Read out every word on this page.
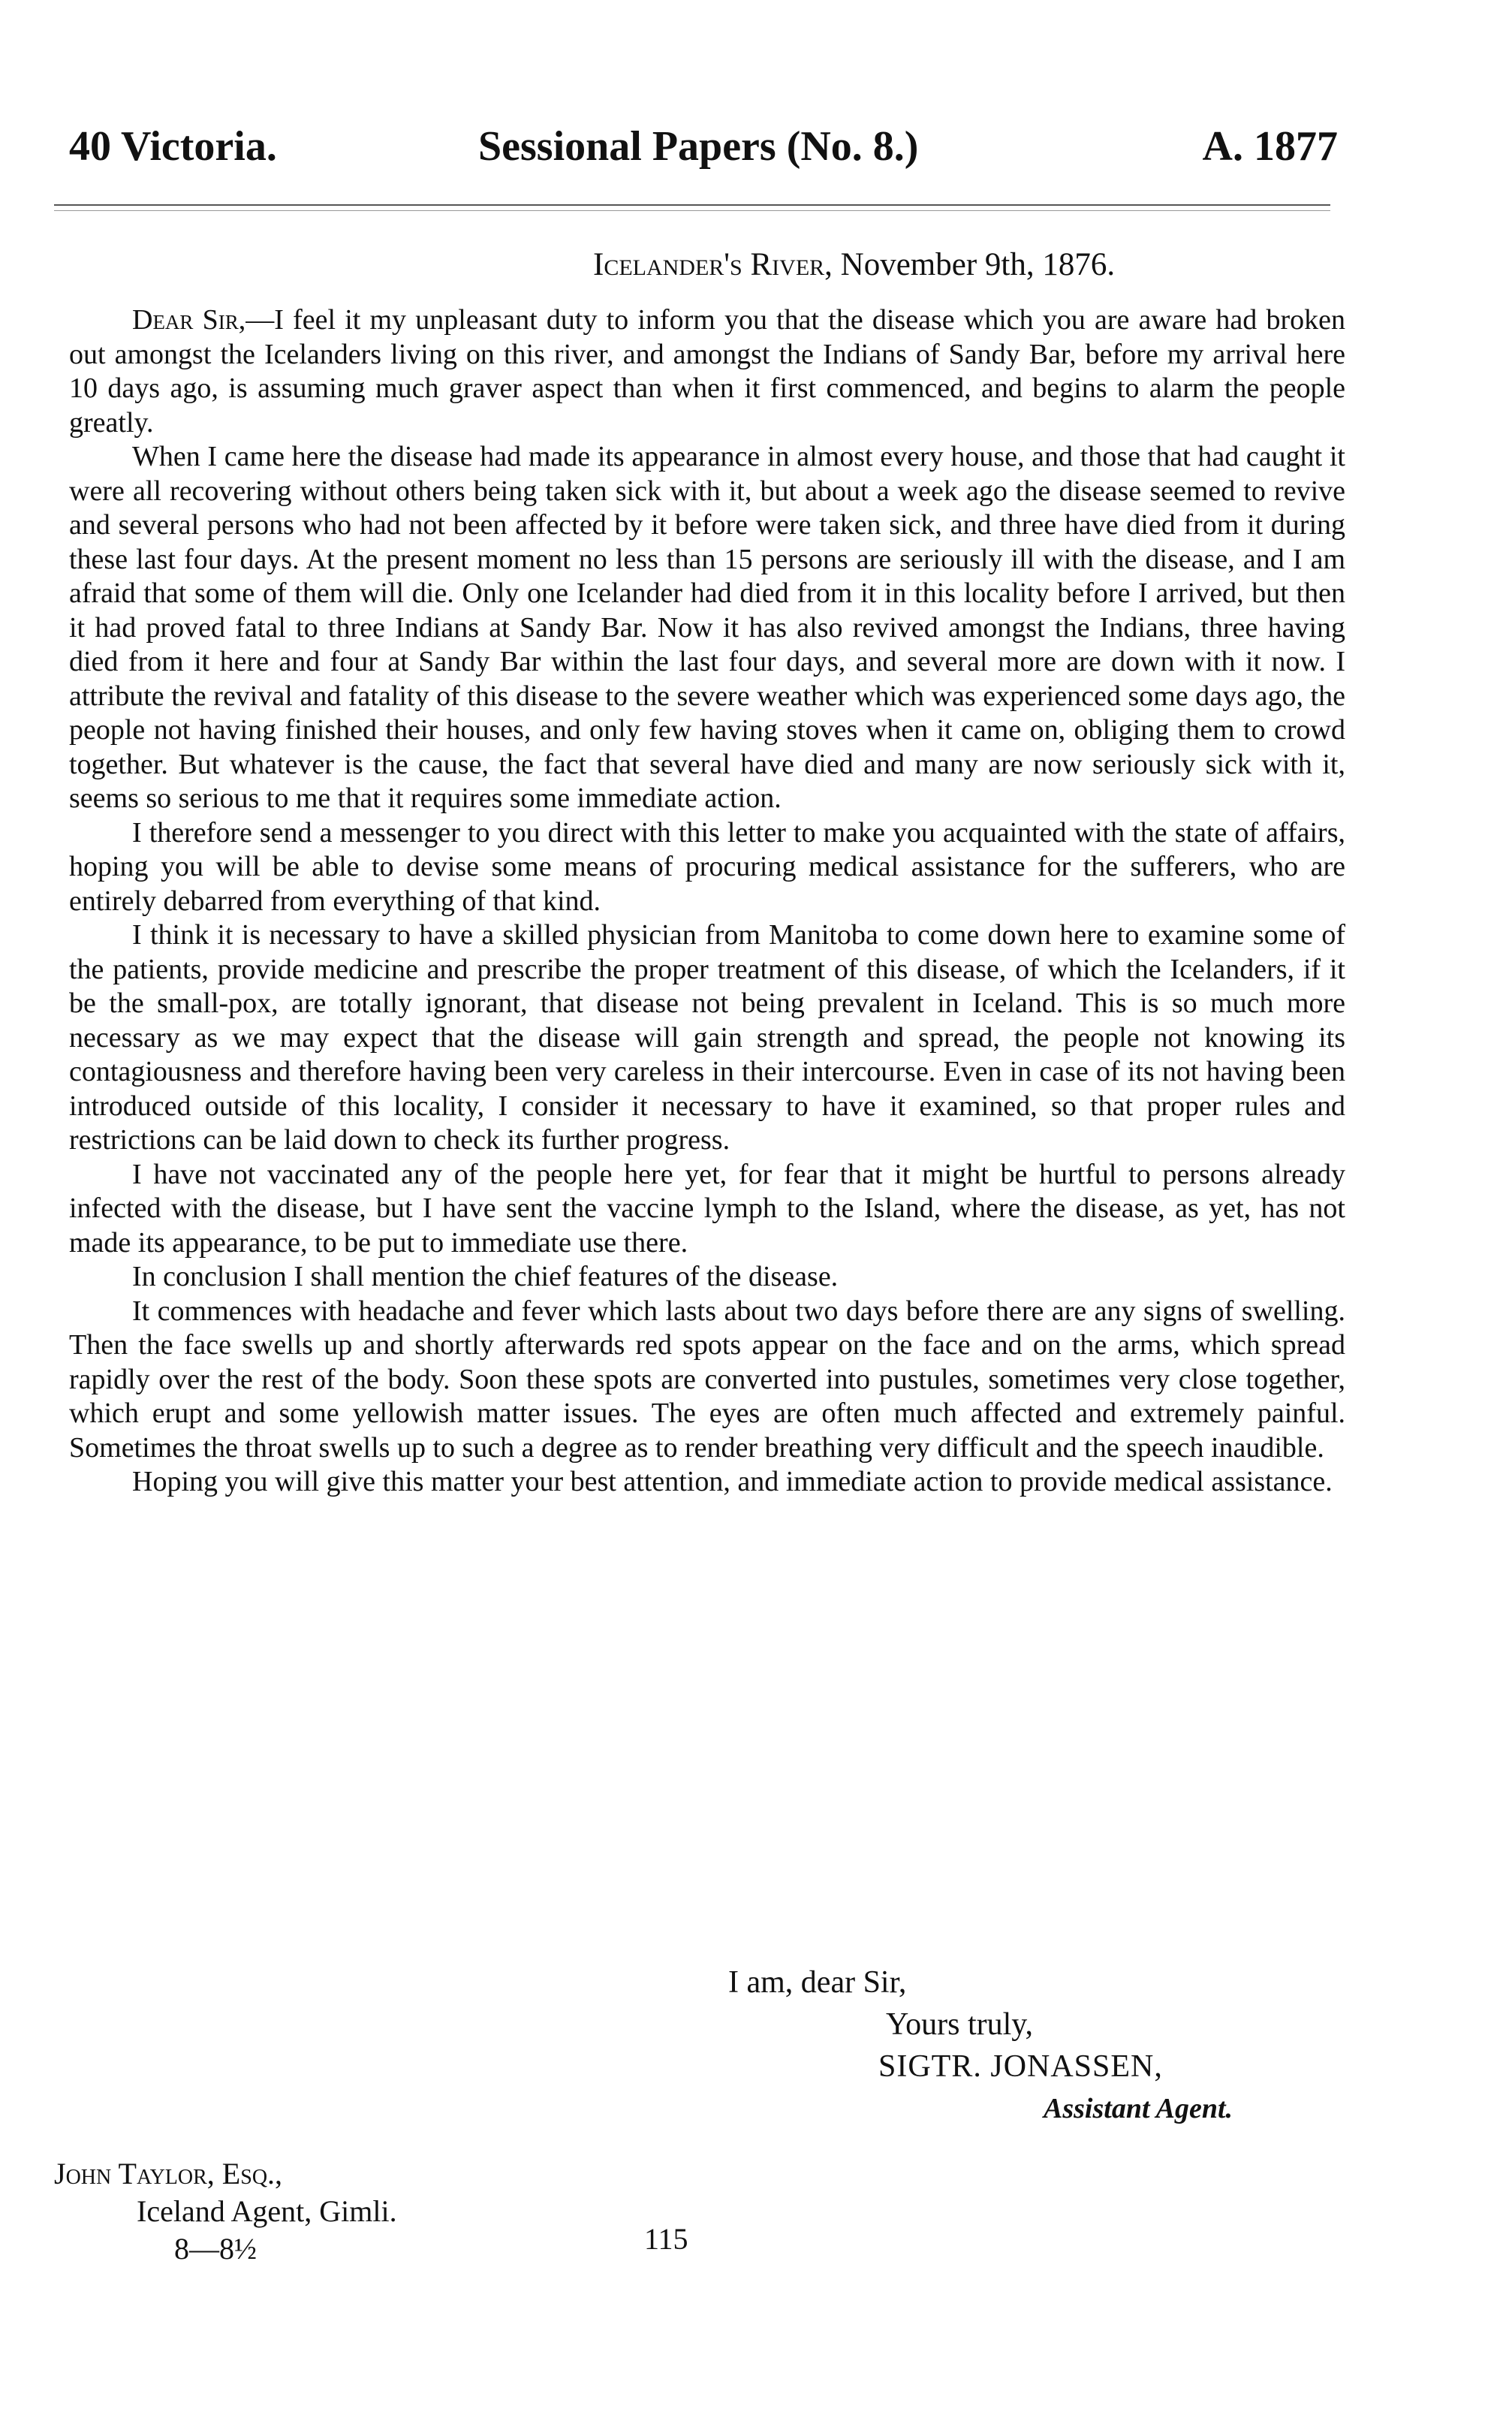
40 Victoria.	Sessional Papers (No. 8.)	A. 1877
Icelander's River, November 9th, 1876.

Dear Sir,—I feel it my unpleasant duty to inform you that the disease which you are aware had broken out amongst the Icelanders living on this river, and amongst the Indians of Sandy Bar, before my arrival here 10 days ago, is assuming much graver aspect than when it first commenced, and begins to alarm the people greatly.

When I came here the disease had made its appearance in almost every house, and those that had caught it were all recovering without others being taken sick with it, but about a week ago the disease seemed to revive and several persons who had not been affected by it before were taken sick, and three have died from it during these last four days. At the present moment no less than 15 persons are seriously ill with the disease, and I am afraid that some of them will die. Only one Icelander had died from it in this locality before I arrived, but then it had proved fatal to three Indians at Sandy Bar. Now it has also revived amongst the Indians, three having died from it here and four at Sandy Bar within the last four days, and several more are down with it now. I attribute the revival and fatality of this disease to the severe weather which was experienced some days ago, the people not having finished their houses, and only few having stoves when it came on, obliging them to crowd together. But whatever is the cause, the fact that several have died and many are now seriously sick with it, seems so serious to me that it requires some immediate action.

I therefore send a messenger to you direct with this letter to make you acquainted with the state of affairs, hoping you will be able to devise some means of procuring medical assistance for the sufferers, who are entirely debarred from everything of that kind.

I think it is necessary to have a skilled physician from Manitoba to come down here to examine some of the patients, provide medicine and prescribe the proper treatment of this disease, of which the Icelanders, if it be the small-pox, are totally ignorant, that disease not being prevalent in Iceland. This is so much more necessary as we may expect that the disease will gain strength and spread, the people not knowing its contagiousness and therefore having been very careless in their intercourse. Even in case of its not having been introduced outside of this locality, I consider it necessary to have it examined, so that proper rules and restrictions can be laid down to check its further progress.

I have not vaccinated any of the people here yet, for fear that it might be hurtful to persons already infected with the disease, but I have sent the vaccine lymph to the Island, where the disease, as yet, has not made its appearance, to be put to immediate use there.

In conclusion I shall mention the chief features of the disease.

It commences with headache and fever which lasts about two days before there are any signs of swelling. Then the face swells up and shortly afterwards red spots appear on the face and on the arms, which spread rapidly over the rest of the body. Soon these spots are converted into pustules, sometimes very close together, which erupt and some yellowish matter issues. The eyes are often much affected and extremely painful. Sometimes the throat swells up to such a degree as to render breathing very difficult and the speech inaudible.

Hoping you will give this matter your best attention, and immediate action to provide medical assistance.

I am, dear Sir,
Yours truly,
SIGTR. JONASSEN,
Assistant Agent.
John Taylor, Esq.,
Iceland Agent, Gimli.
8—8½	115
